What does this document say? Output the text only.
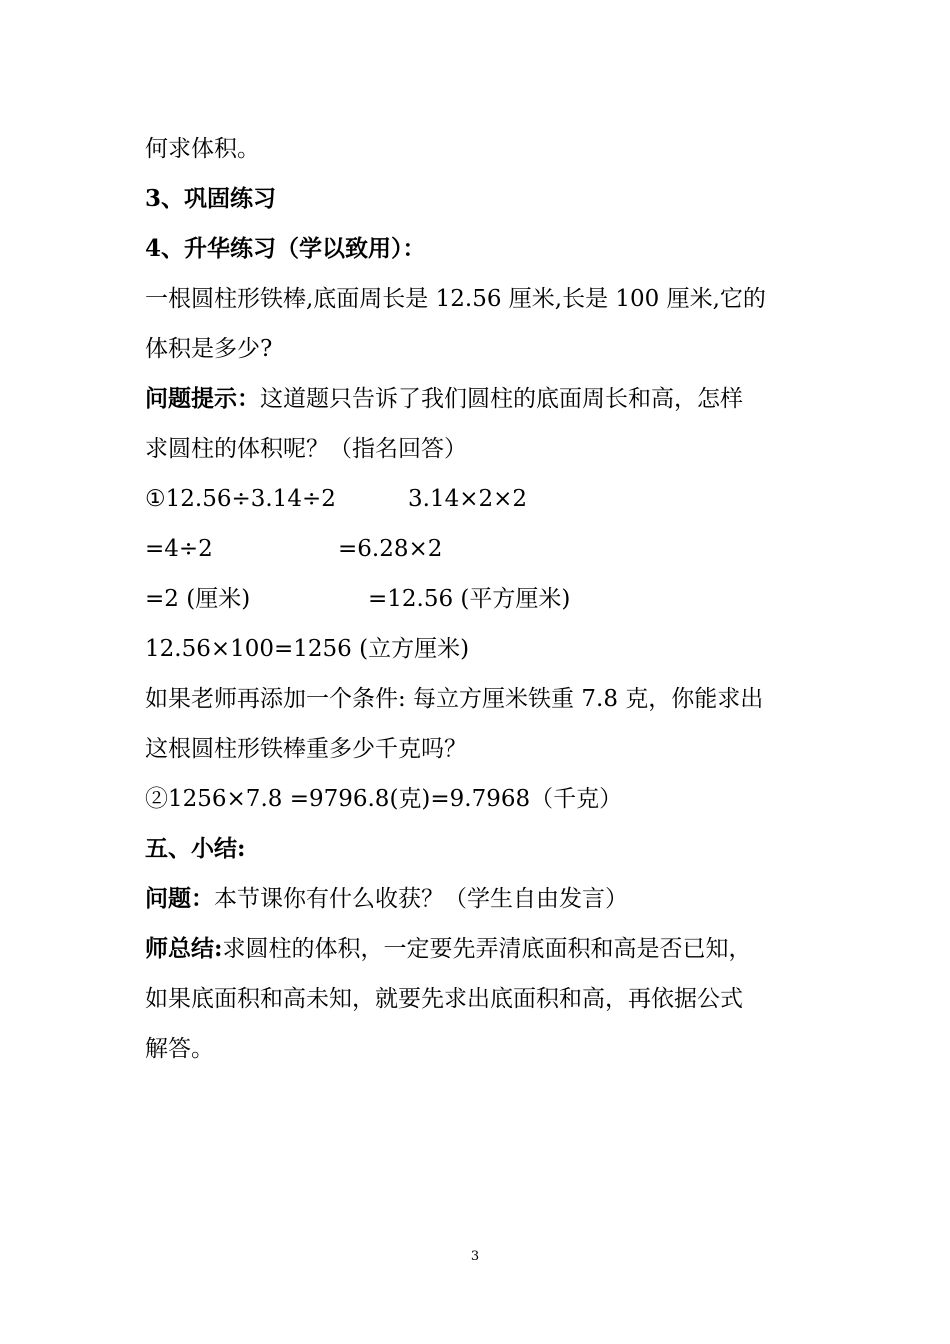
何求体积。
3、巩固练习
4、升华练习（学以致用）：
一根圆柱形铁棒,底面周长是 12.56 厘米,长是 100 厘米,它的
体积是多少?
问题提示：这道题只告诉了我们圆柱的底面周长和高，怎样
求圆柱的体积呢？（指名回答）
①12.56÷3.14÷2	3.14×2×2
=4÷2	=6.28×2
=2 (厘米)	=12.56 (平方厘米)
12.56×100=1256 (立方厘米)
如果老师再添加一个条件: 每立方厘米铁重 7.8 克，你能求出
这根圆柱形铁棒重多少千克吗？
②1256×7.8 =9796.8(克)=9.7968（千克）
五、小结:
问题：本节课你有什么收获？（学生自由发言）
师总结:求圆柱的体积，一定要先弄清底面积和高是否已知，
如果底面积和高未知，就要先求出底面积和高，再依据公式
解答。
3
